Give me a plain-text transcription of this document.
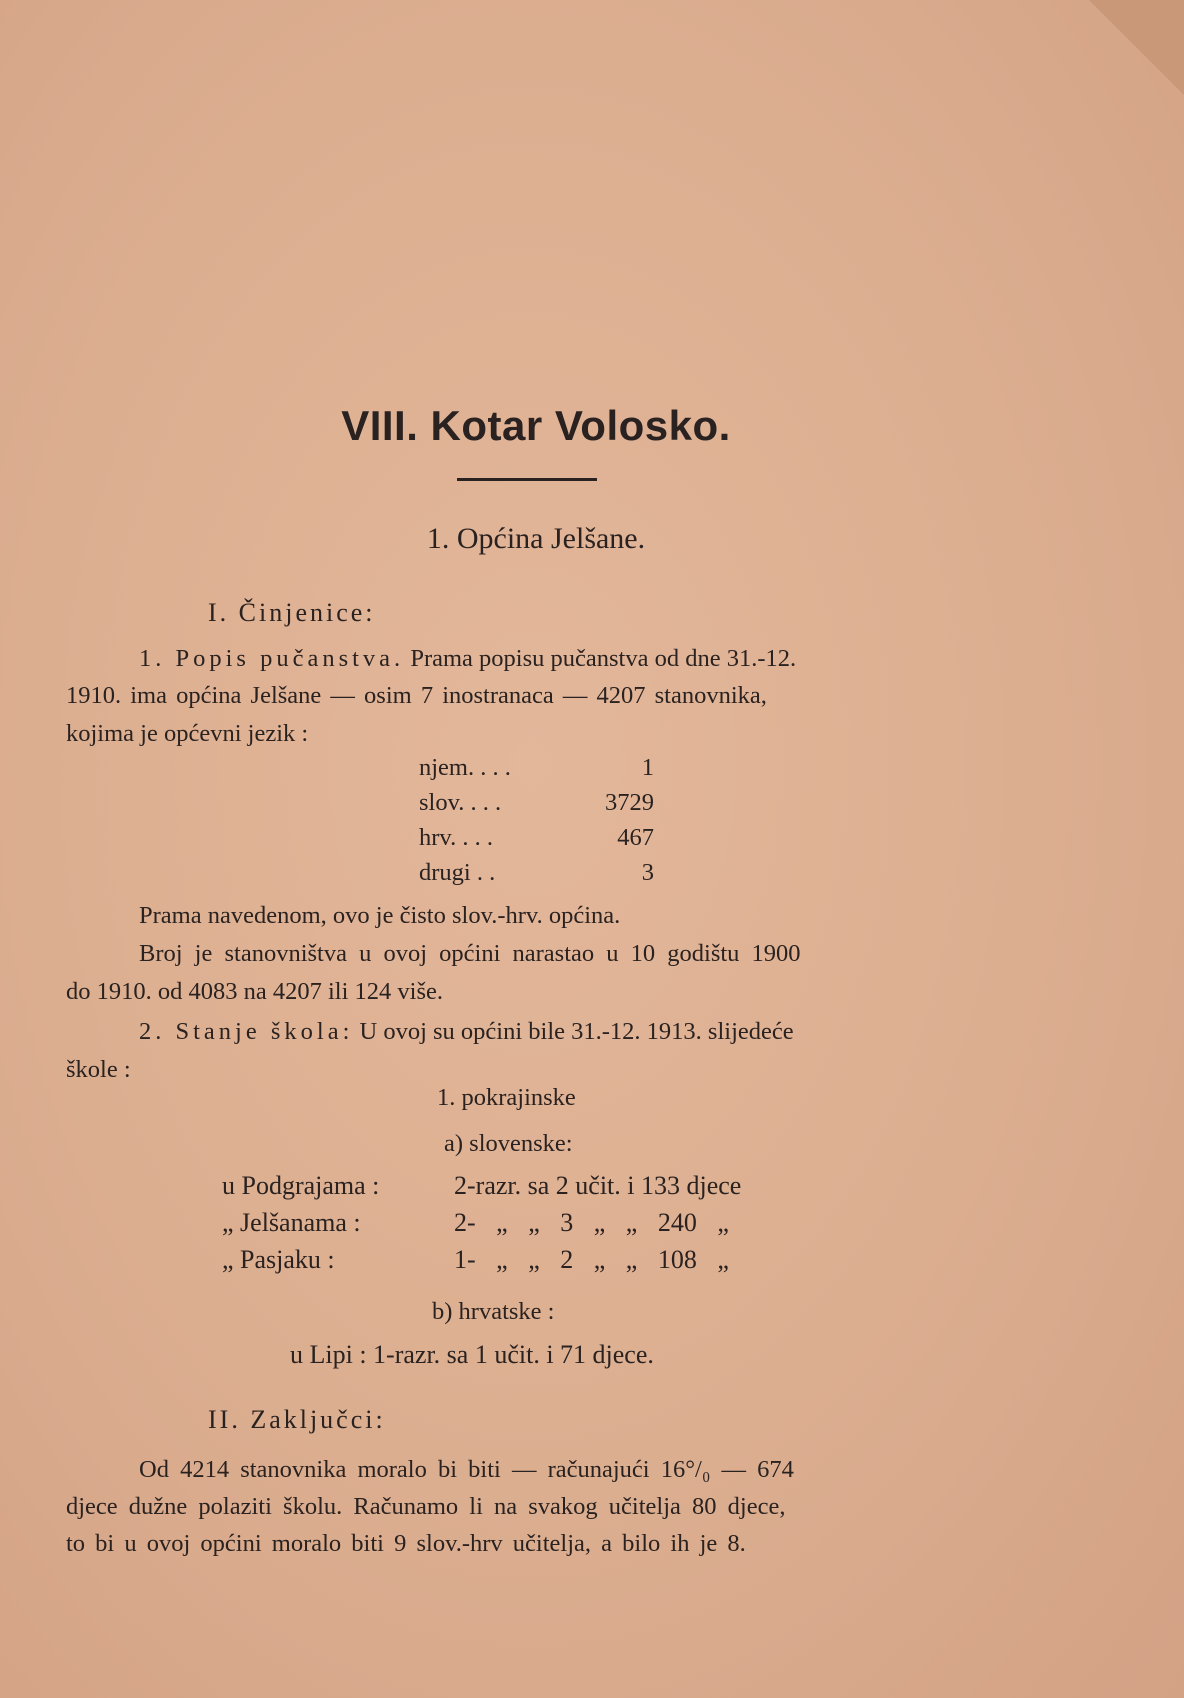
VIII. Kotar Volosko.
1. Općina Jelšane.
I. Činjenice:
1. Popis pučanstva. Prama popisu pučanstva od dne 31.-12.
1910. ima općina Jelšane — osim 7 inostranaca — 4207 stanovnika,
kojima je općevni jezik :
njem. . . .	1
slov. . . .	3729
hrv. . . .	467
drugi . .	3
Prama navedenom, ovo je čisto slov.-hrv. općina.
Broj je stanovništva u ovoj općini narastao u 10 godištu 1900
do 1910. od 4083 na 4207 ili 124 više.
2. Stanje škola: U ovoj su općini bile 31.-12. 1913. slijedeće
škole :
1. pokrajinske
a) slovenske:
u Podgrajama :	2-razr. sa 2 učit. i 133 djece
„ Jelšanama :	2- „ „ 3 „ „ 240 „
„ Pasjaku :	1- „ „ 2 „ „ 108 „
b) hrvatske :
u Lipi : 1-razr. sa 1 učit. i 71 djece.
II. Zaključci:
Od 4214 stanovnika moralo bi biti — računajući 16°/₀ — 674
djece dužne polaziti školu. Računamo li na svakog učitelja 80 djece,
to bi u ovoj općini moralo biti 9 slov.-hrv učitelja, a bilo ih je 8.
